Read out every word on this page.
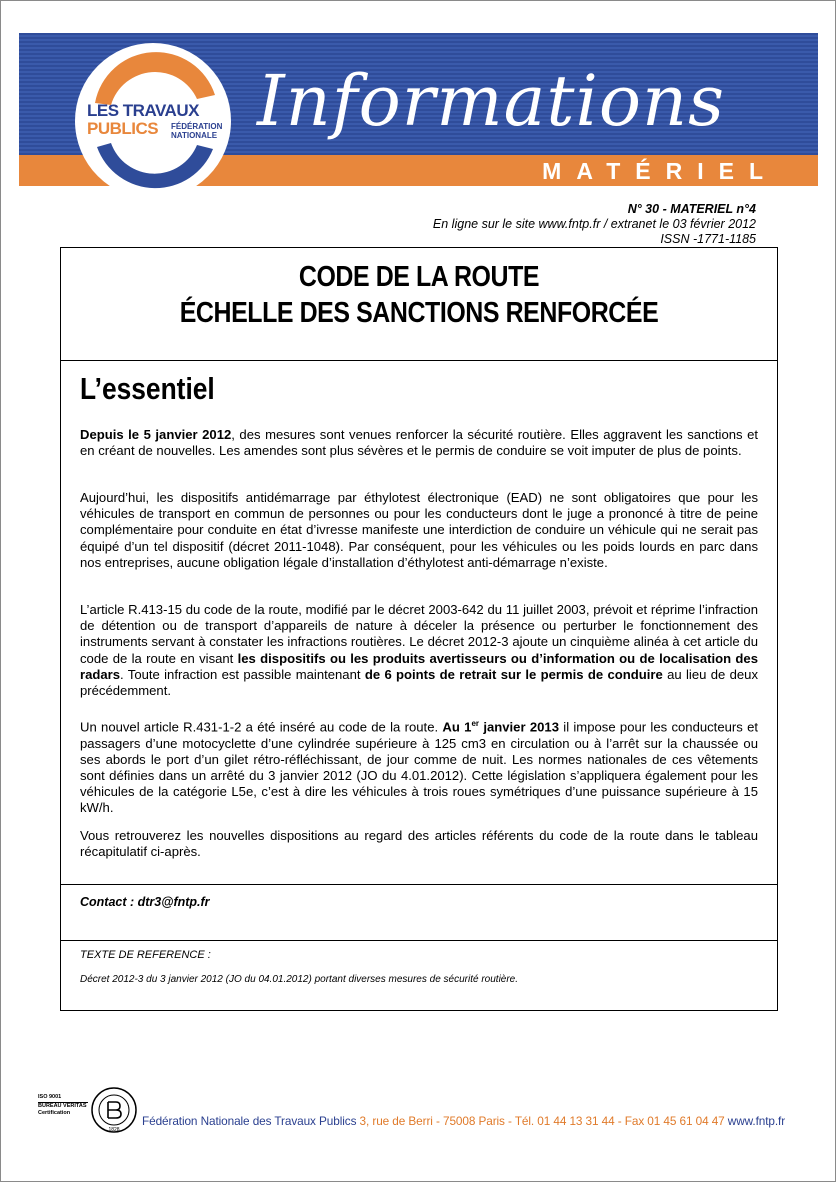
Informations
MATÉRIEL
LES TRAVAUX
PUBLICS FÉDÉRATION
NATIONALE
N° 30 - MATERIEL n°4
En ligne sur le site www.fntp.fr / extranet le 03 février 2012
ISSN -1771-1185
CODE DE LA ROUTE
ÉCHELLE DES SANCTIONS RENFORCÉE
L’essentiel
Depuis le 5 janvier 2012, des mesures sont venues renforcer la sécurité routière. Elles aggravent les sanctions et en créant de nouvelles. Les amendes sont plus sévères et le permis de conduire se voit imputer de plus de points.
Aujourd’hui, les dispositifs antidémarrage par éthylotest électronique (EAD) ne sont obligatoires que pour les véhicules de transport en commun de personnes ou pour les conducteurs dont le juge a prononcé à titre de peine complémentaire pour conduite en état d’ivresse manifeste une interdiction de conduire un véhicule qui ne serait pas équipé d’un tel dispositif (décret 2011-1048). Par conséquent, pour les véhicules ou les poids lourds en parc dans nos entreprises, aucune obligation légale d’installation d’éthylotest anti-démarrage n’existe.
L’article R.413-15 du code de la route, modifié par le décret 2003-642 du 11 juillet 2003, prévoit et réprime l’infraction de détention ou de transport d’appareils de nature à déceler la présence ou perturber le fonctionnement des instruments servant à constater les infractions routières. Le décret 2012-3 ajoute un cinquième alinéa à cet article du code de la route en visant les dispositifs ou les produits avertisseurs ou d’information ou de localisation des radars. Toute infraction est passible maintenant de 6 points de retrait sur le permis de conduire au lieu de deux précédemment.
Un nouvel article R.431-1-2 a été inséré au code de la route. Au 1er janvier 2013 il impose pour les conducteurs et passagers d’une motocyclette d’une cylindrée supérieure à 125 cm3 en circulation ou à l’arrêt sur la chaussée ou ses abords le port d’un gilet rétro-réfléchissant, de jour comme de nuit. Les normes nationales de ces vêtements sont définies dans un arrêté du 3 janvier 2012 (JO du 4.01.2012). Cette législation s’appliquera également pour les véhicules de la catégorie L5e, c’est à dire les véhicules à trois roues symétriques d’une puissance supérieure à 15 kW/h.
Vous retrouverez les nouvelles dispositions au regard des articles référents du code de la route dans le tableau récapitulatif ci-après.
Contact : dtr3@fntp.fr
TEXTE DE REFERENCE :
Décret 2012-3 du 3 janvier 2012 (JO du 04.01.2012) portant diverses mesures de sécurité routière.
ISO 9001
BUREAU VERITAS
Certification
1828
Fédération Nationale des Travaux Publics 3, rue de Berri - 75008 Paris - Tél. 01 44 13 31 44 - Fax 01 45 61 04 47 www.fntp.fr
